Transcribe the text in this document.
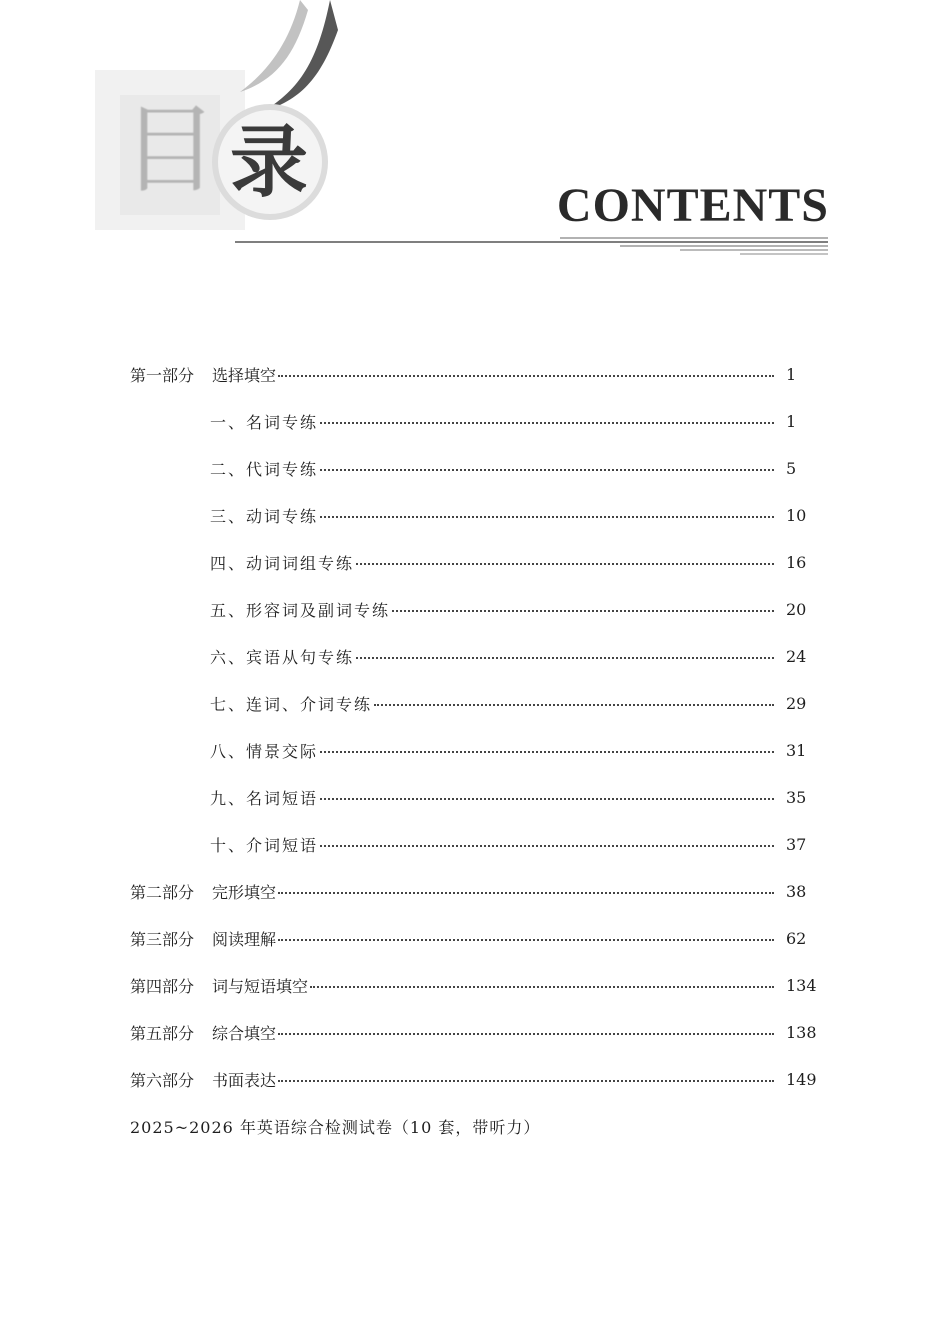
目 录	CONTENTS
第一部分	选择填空	1
一、名词专练	1
二、代词专练	5
三、动词专练	10
四、动词词组专练	16
五、形容词及副词专练	20
六、宾语从句专练	24
七、连词、介词专练	29
八、情景交际	31
九、名词短语	35
十、介词短语	37
第二部分	完形填空	38
第三部分	阅读理解	62
第四部分	词与短语填空	134
第五部分	综合填空	138
第六部分	书面表达	149
2025~2026 年英语综合检测试卷（10 套，带听力）
